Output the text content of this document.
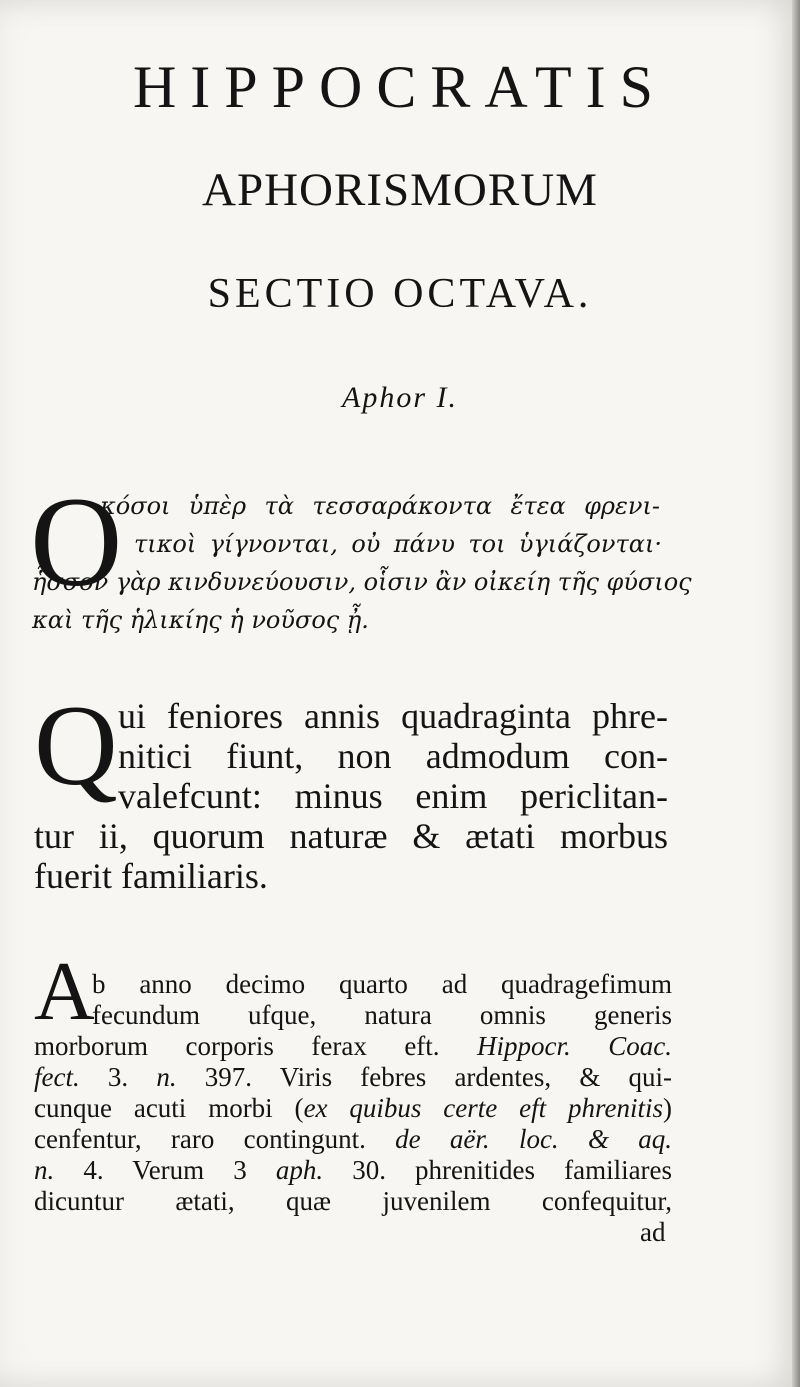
HIPPOCRATIS
APHORISMORUM
SECTIO OCTAVA.
Aphor I.
O
κόσοι ὑπὲρ τὰ τεσσαράκοντα ἔτεα φρενι-
τικοὶ γίγνονται, οὐ πάνυ τοι ὑγιάζονται·
ἧσσον γὰρ κινδυνεύουσιν, οἷσιν ἂν οἰκείη τῆς φύσιος
καὶ τῆς ἡλικίης ἡ νοῦσος ᾖ.
Q ui feniores annis quadraginta phre-
nitici fiunt, non admodum con-
valefcunt: minus enim periclitan-
tur ii, quorum naturæ & ætati morbus
fuerit familiaris.
A
b anno decimo quarto ad quadragefimum
fecundum ufque, natura omnis generis
morborum corporis ferax eft. Hippocr. Coac.
fect. 3. n. 397. Viris febres ardentes, & qui-
cunque acuti morbi (ex quibus certe eft phrenitis)
cenfentur, raro contingunt. de aër. loc. & aq.
n. 4. Verum 3 aph. 30. phrenitides familiares
dicuntur ætati, quæ juvenilem confequitur,
ad
